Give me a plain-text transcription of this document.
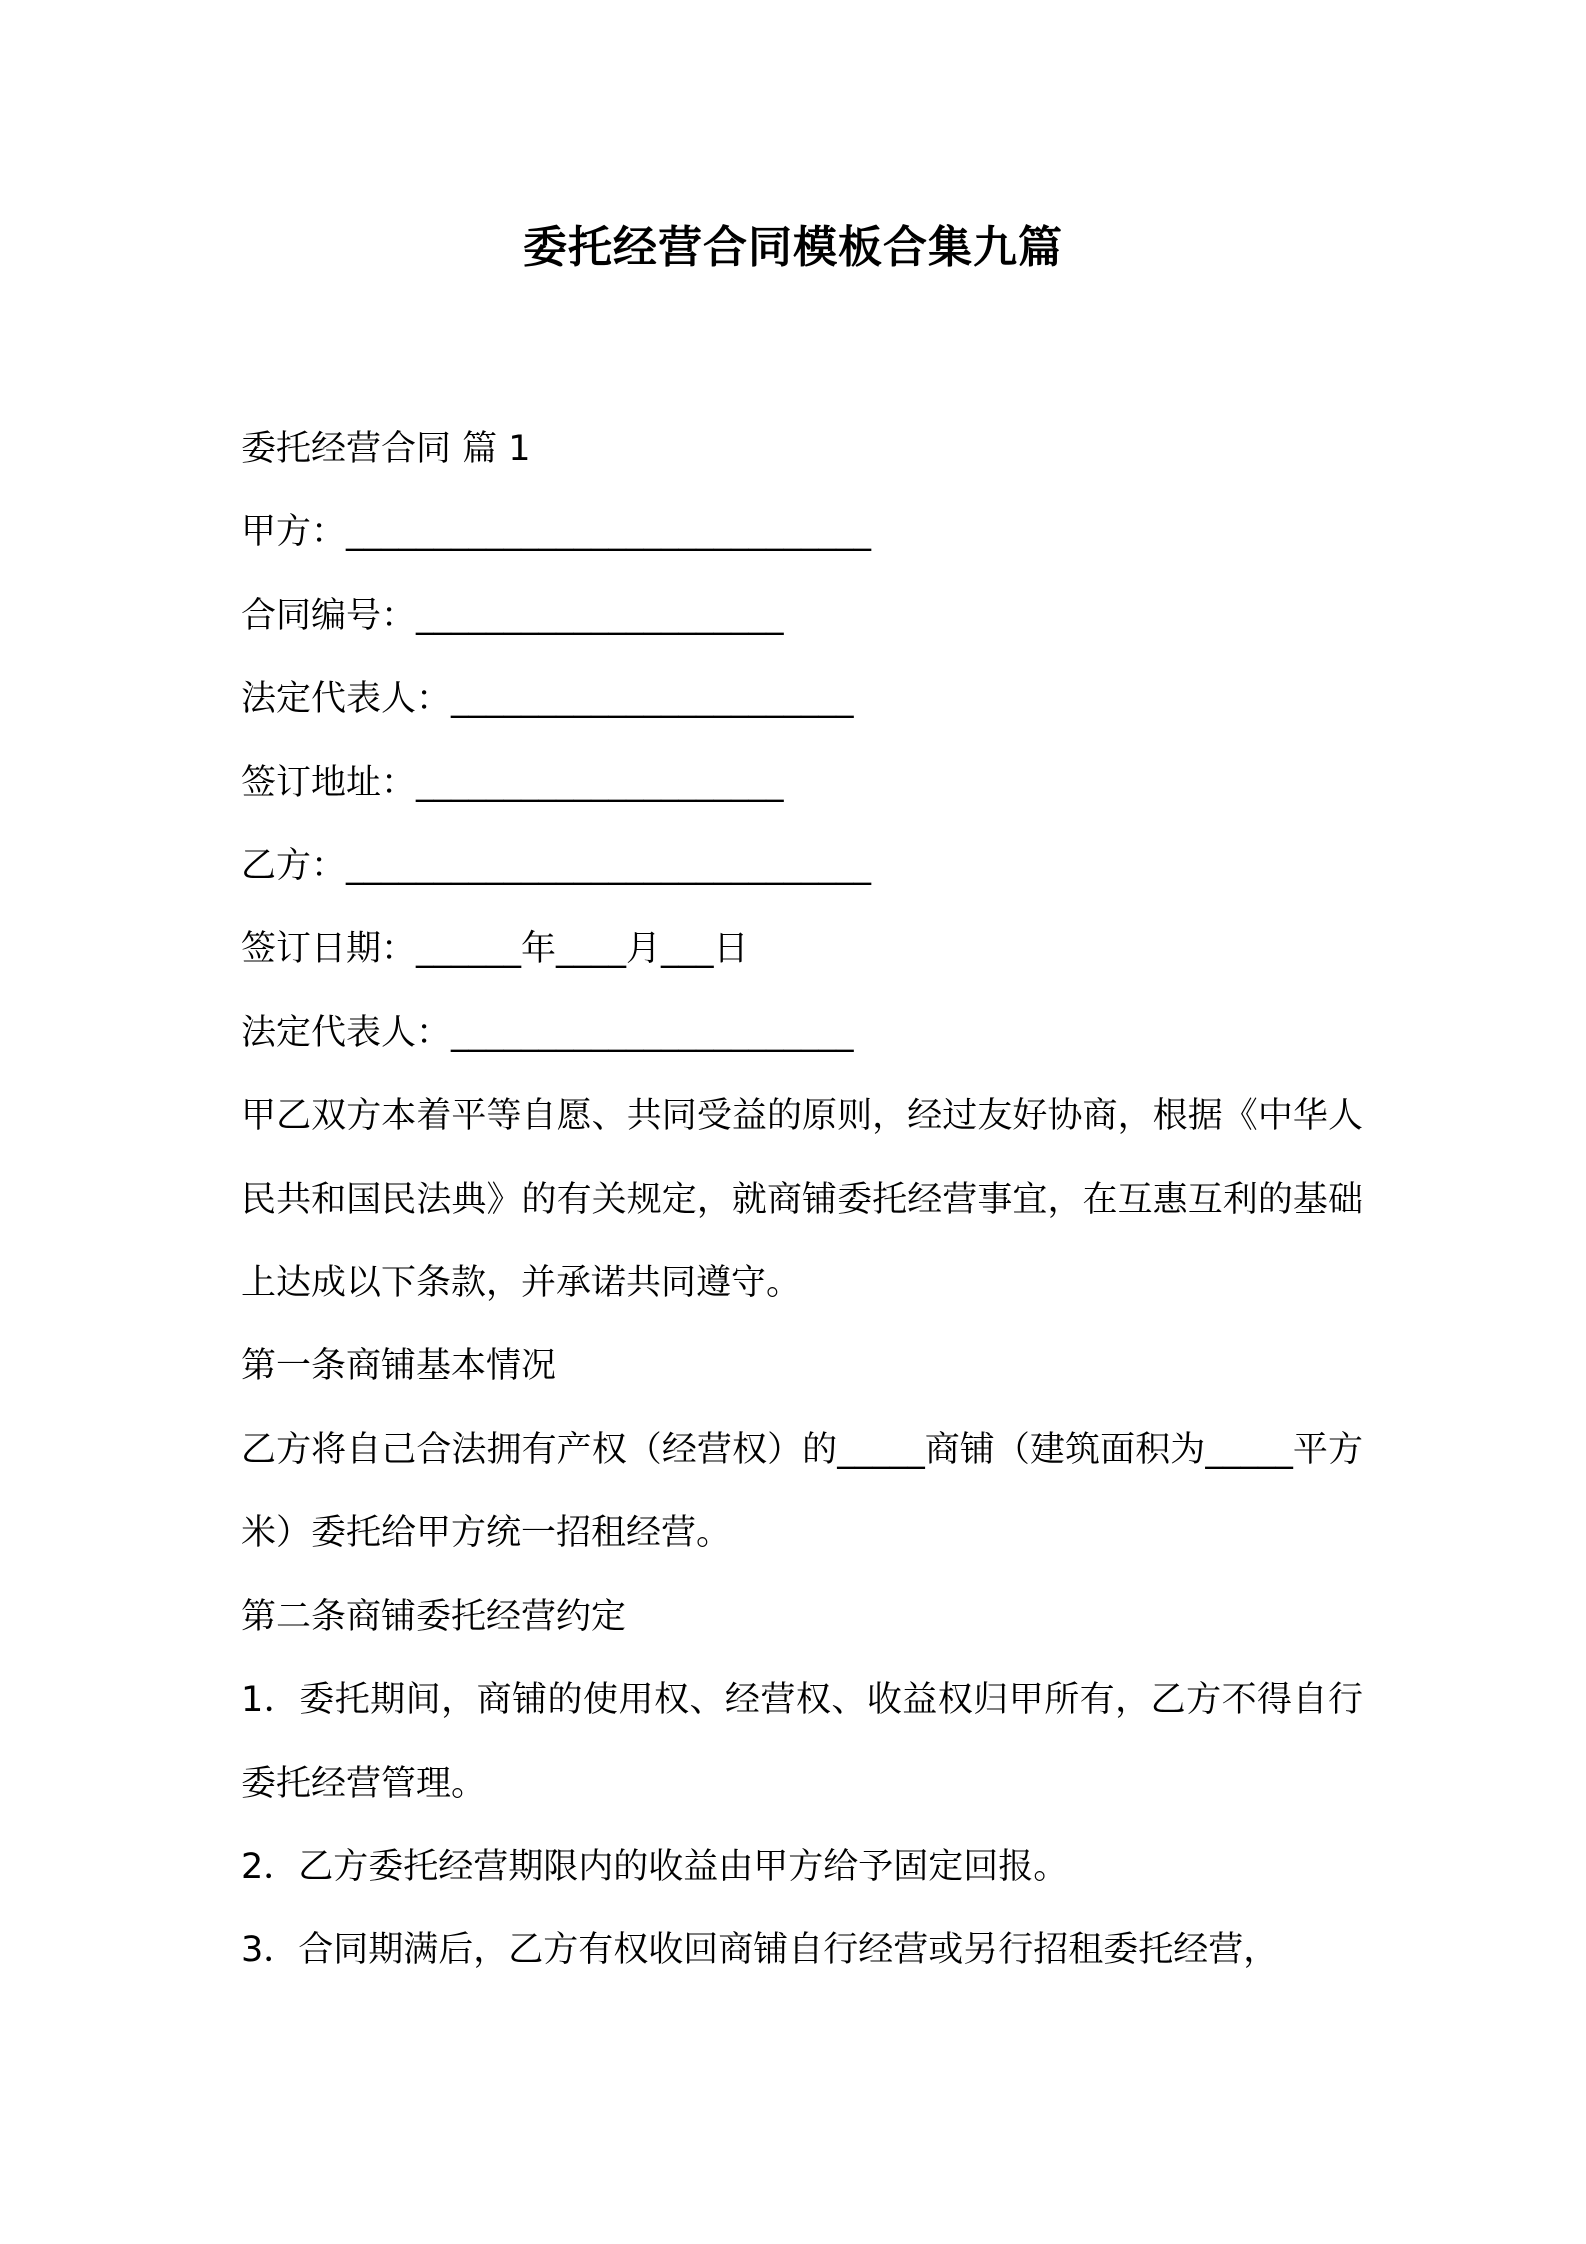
委托经营合同模板合集九篇

委托经营合同 篇 1

甲方：______________________________

合同编号：_____________________

法定代表人：_______________________

签订地址：_____________________

乙方：______________________________

签订日期：______年____月___日

法定代表人：_______________________

甲乙双方本着平等自愿、共同受益的原则，经过友好协商，根据《中华人民共和国民法典》的有关规定，就商铺委托经营事宜，在互惠互利的基础上达成以下条款，并承诺共同遵守。

第一条商铺基本情况

乙方将自己合法拥有产权（经营权）的_____商铺（建筑面积为_____平方米）委托给甲方统一招租经营。

第二条商铺委托经营约定

1．委托期间，商铺的使用权、经营权、收益权归甲所有，乙方不得自行委托经营管理。

2．乙方委托经营期限内的收益由甲方给予固定回报。

3．合同期满后，乙方有权收回商铺自行经营或另行招租委托经营，
